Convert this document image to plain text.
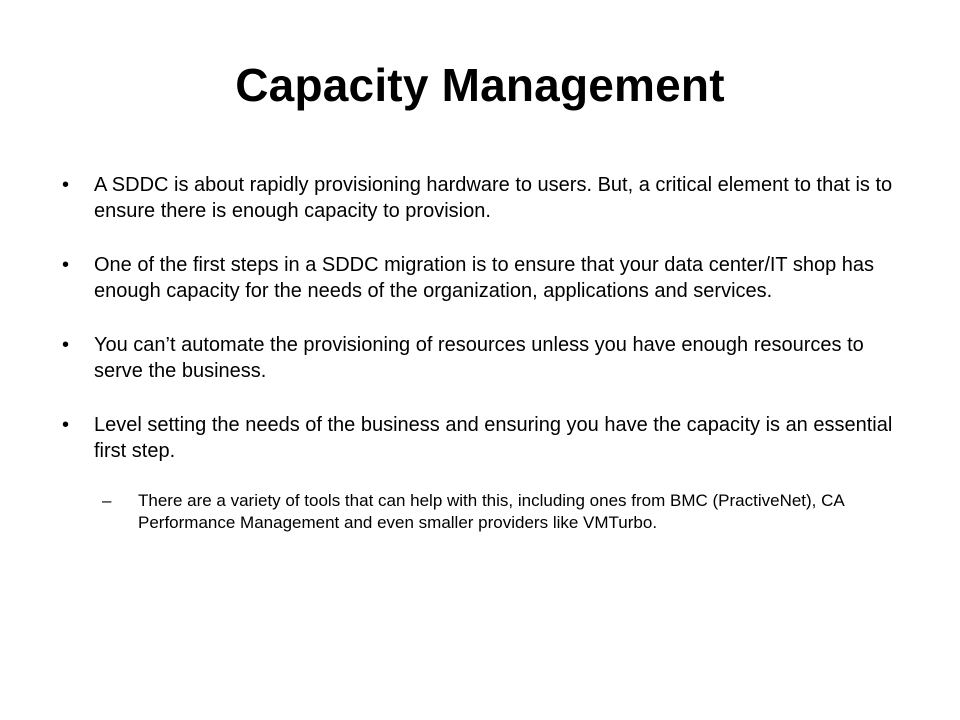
Capacity Management
• A SDDC is about rapidly provisioning hardware to users. But, a critical element to that is to ensure there is enough capacity to provision.
• One of the first steps in a SDDC migration is to ensure that your data center/IT shop has enough capacity for the needs of the organization, applications and services.
• You can’t automate the provisioning of resources unless you have enough resources to serve the business.
• Level setting the needs of the business and ensuring you have the capacity is an essential first step.
– There are a variety of tools that can help with this, including ones from BMC (PractiveNet), CA Performance Management and even smaller providers like VMTurbo.
